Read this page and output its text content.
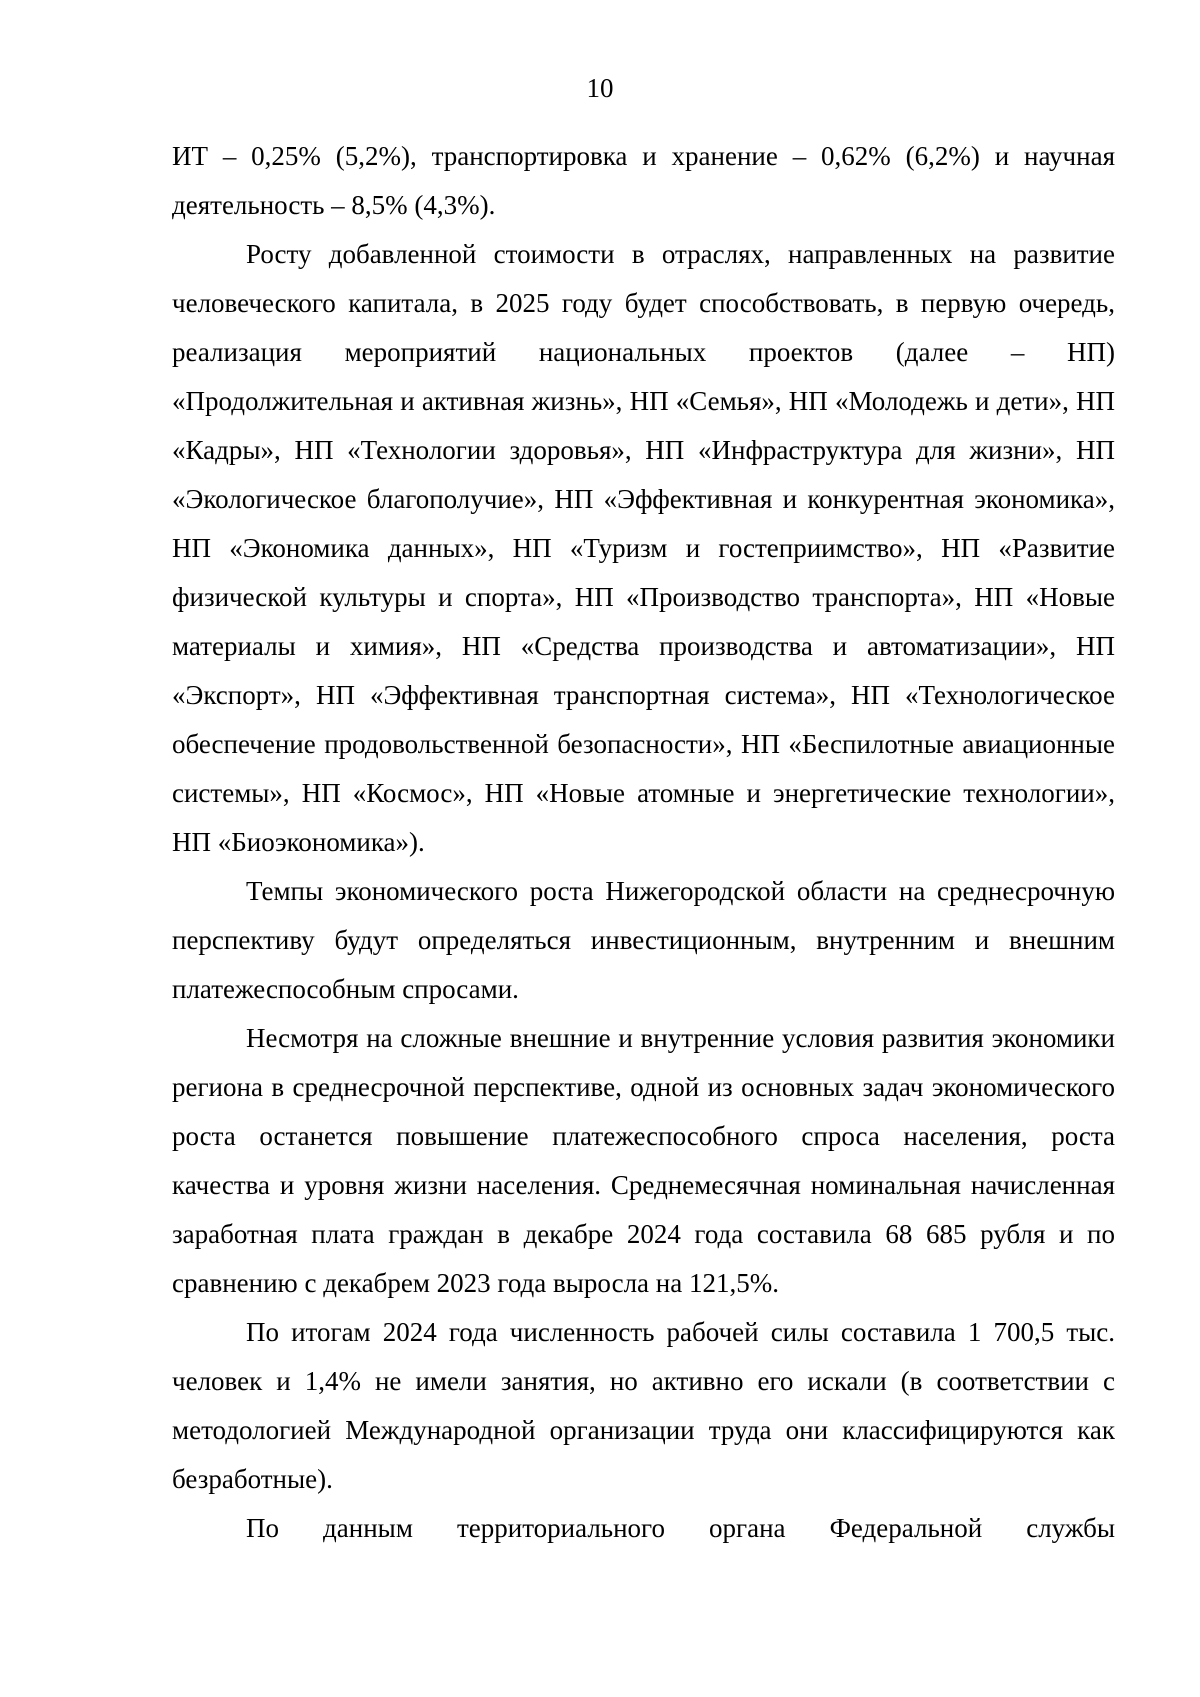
10

ИТ – 0,25% (5,2%), транспортировка и хранение – 0,62% (6,2%) и научная деятельность – 8,5% (4,3%).

Росту добавленной стоимости в отраслях, направленных на развитие человеческого капитала, в 2025 году будет способствовать, в первую очередь, реализация мероприятий национальных проектов (далее – НП) «Продолжительная и активная жизнь», НП «Семья», НП «Молодежь и дети», НП «Кадры», НП «Технологии здоровья», НП «Инфраструктура для жизни», НП «Экологическое благополучие», НП «Эффективная и конкурентная экономика», НП «Экономика данных», НП «Туризм и гостеприимство», НП «Развитие физической культуры и спорта», НП «Производство транспорта», НП «Новые материалы и химия», НП «Средства производства и автоматизации», НП «Экспорт», НП «Эффективная транспортная система», НП «Технологическое обеспечение продовольственной безопасности», НП «Беспилотные авиационные системы», НП «Космос», НП «Новые атомные и энергетические технологии», НП «Биоэкономика»).

Темпы экономического роста Нижегородской области на среднесрочную перспективу будут определяться инвестиционным, внутренним и внешним платежеспособным спросами.

Несмотря на сложные внешние и внутренние условия развития экономики региона в среднесрочной перспективе, одной из основных задач экономического роста останется повышение платежеспособного спроса населения, роста качества и уровня жизни населения. Среднемесячная номинальная начисленная заработная плата граждан в декабре 2024 года составила 68 685 рубля и по сравнению с декабрем 2023 года выросла на 121,5%.

По итогам 2024 года численность рабочей силы составила 1 700,5 тыс. человек и 1,4% не имели занятия, но активно его искали (в соответствии с методологией Международной организации труда они классифицируются как безработные).

По данным территориального органа Федеральной службы
